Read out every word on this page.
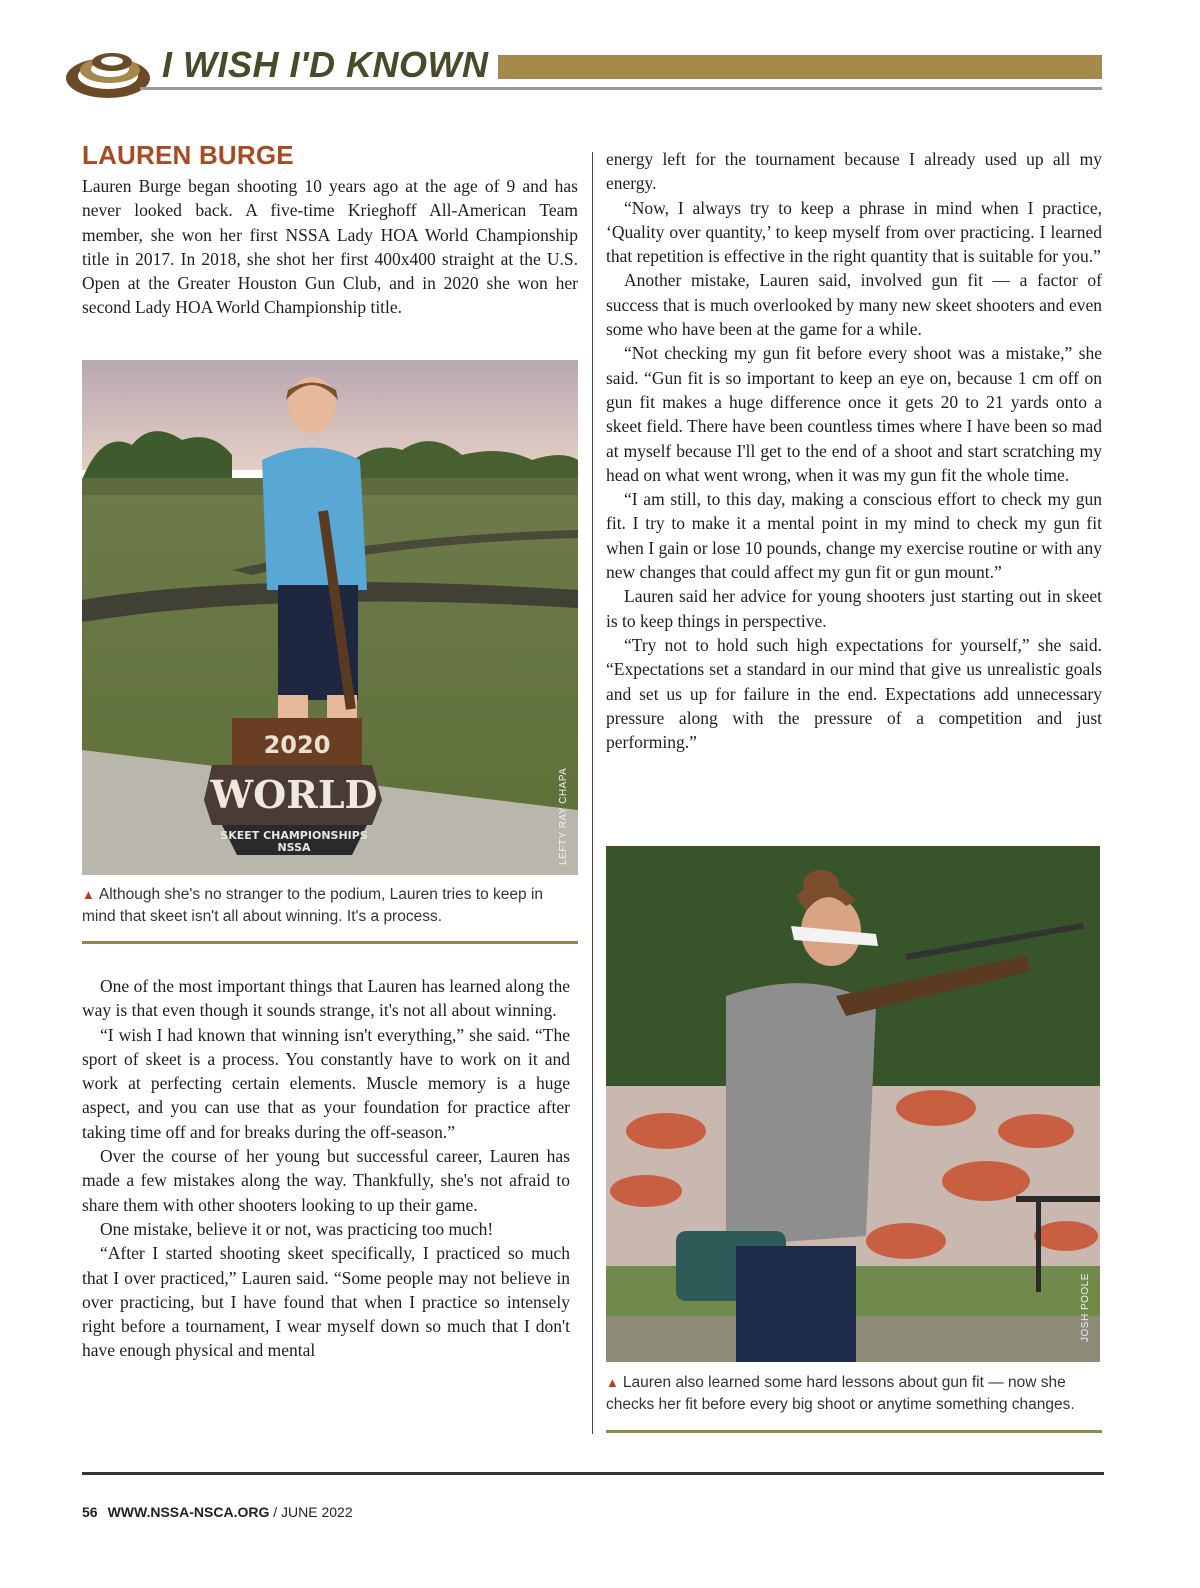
I WISH I'D KNOWN
LAUREN BURGE

Lauren Burge began shooting 10 years ago at the age of 9 and has never looked back. A five-time Krieghoff All-American Team member, she won her first NSSA Lady HOA World Championship title in 2017. In 2018, she shot her first 400x400 straight at the U.S. Open at the Greater Houston Gun Club, and in 2020 she won her second Lady HOA World Championship title.

2020
WORLD
SKEET CHAMPIONSHIPS
NSSA	LEFTY RAY CHAPA
▲ Although she's no stranger to the podium, Lauren tries to keep in mind that skeet isn't all about winning. It's a process.
One of the most important things that Lauren has learned along the way is that even though it sounds strange, it's not all about winning.
“I wish I had known that winning isn't everything,” she said. “The sport of skeet is a process. You constantly have to work on it and work at perfecting certain elements. Muscle memory is a huge aspect, and you can use that as your foundation for practice after taking time off and for breaks during the off-season.”
Over the course of her young but successful career, Lauren has made a few mistakes along the way. Thankfully, she's not afraid to share them with other shooters looking to up their game.
One mistake, believe it or not, was practicing too much!
“After I started shooting skeet specifically, I practiced so much that I over practiced,” Lauren said. “Some people may not believe in over practicing, but I have found that when I practice so intensely right before a tournament, I wear myself down so much that I don't have enough physical and mental
energy left for the tournament because I already used up all my energy.
“Now, I always try to keep a phrase in mind when I practice, ‘Quality over quantity,’ to keep myself from over practicing. I learned that repetition is effective in the right quantity that is suitable for you.”
Another mistake, Lauren said, involved gun fit — a factor of success that is much overlooked by many new skeet shooters and even some who have been at the game for a while.
“Not checking my gun fit before every shoot was a mistake,” she said. “Gun fit is so important to keep an eye on, because 1 cm off on gun fit makes a huge difference once it gets 20 to 21 yards onto a skeet field. There have been countless times where I have been so mad at myself because I'll get to the end of a shoot and start scratching my head on what went wrong, when it was my gun fit the whole time.
“I am still, to this day, making a conscious effort to check my gun fit. I try to make it a mental point in my mind to check my gun fit when I gain or lose 10 pounds, change my exercise routine or with any new changes that could affect my gun fit or gun mount.”
Lauren said her advice for young shooters just starting out in skeet is to keep things in perspective.
“Try not to hold such high expectations for yourself,” she said. “Expectations set a standard in our mind that give us unrealistic goals and set us up for failure in the end. Expectations add unnecessary pressure along with the pressure of a competition and just performing.”
JOSH POOLE
▲ Lauren also learned some hard lessons about gun fit — now she checks her fit before every big shoot or anytime something changes.
56 WWW.NSSA-NSCA.ORG / JUNE 2022
